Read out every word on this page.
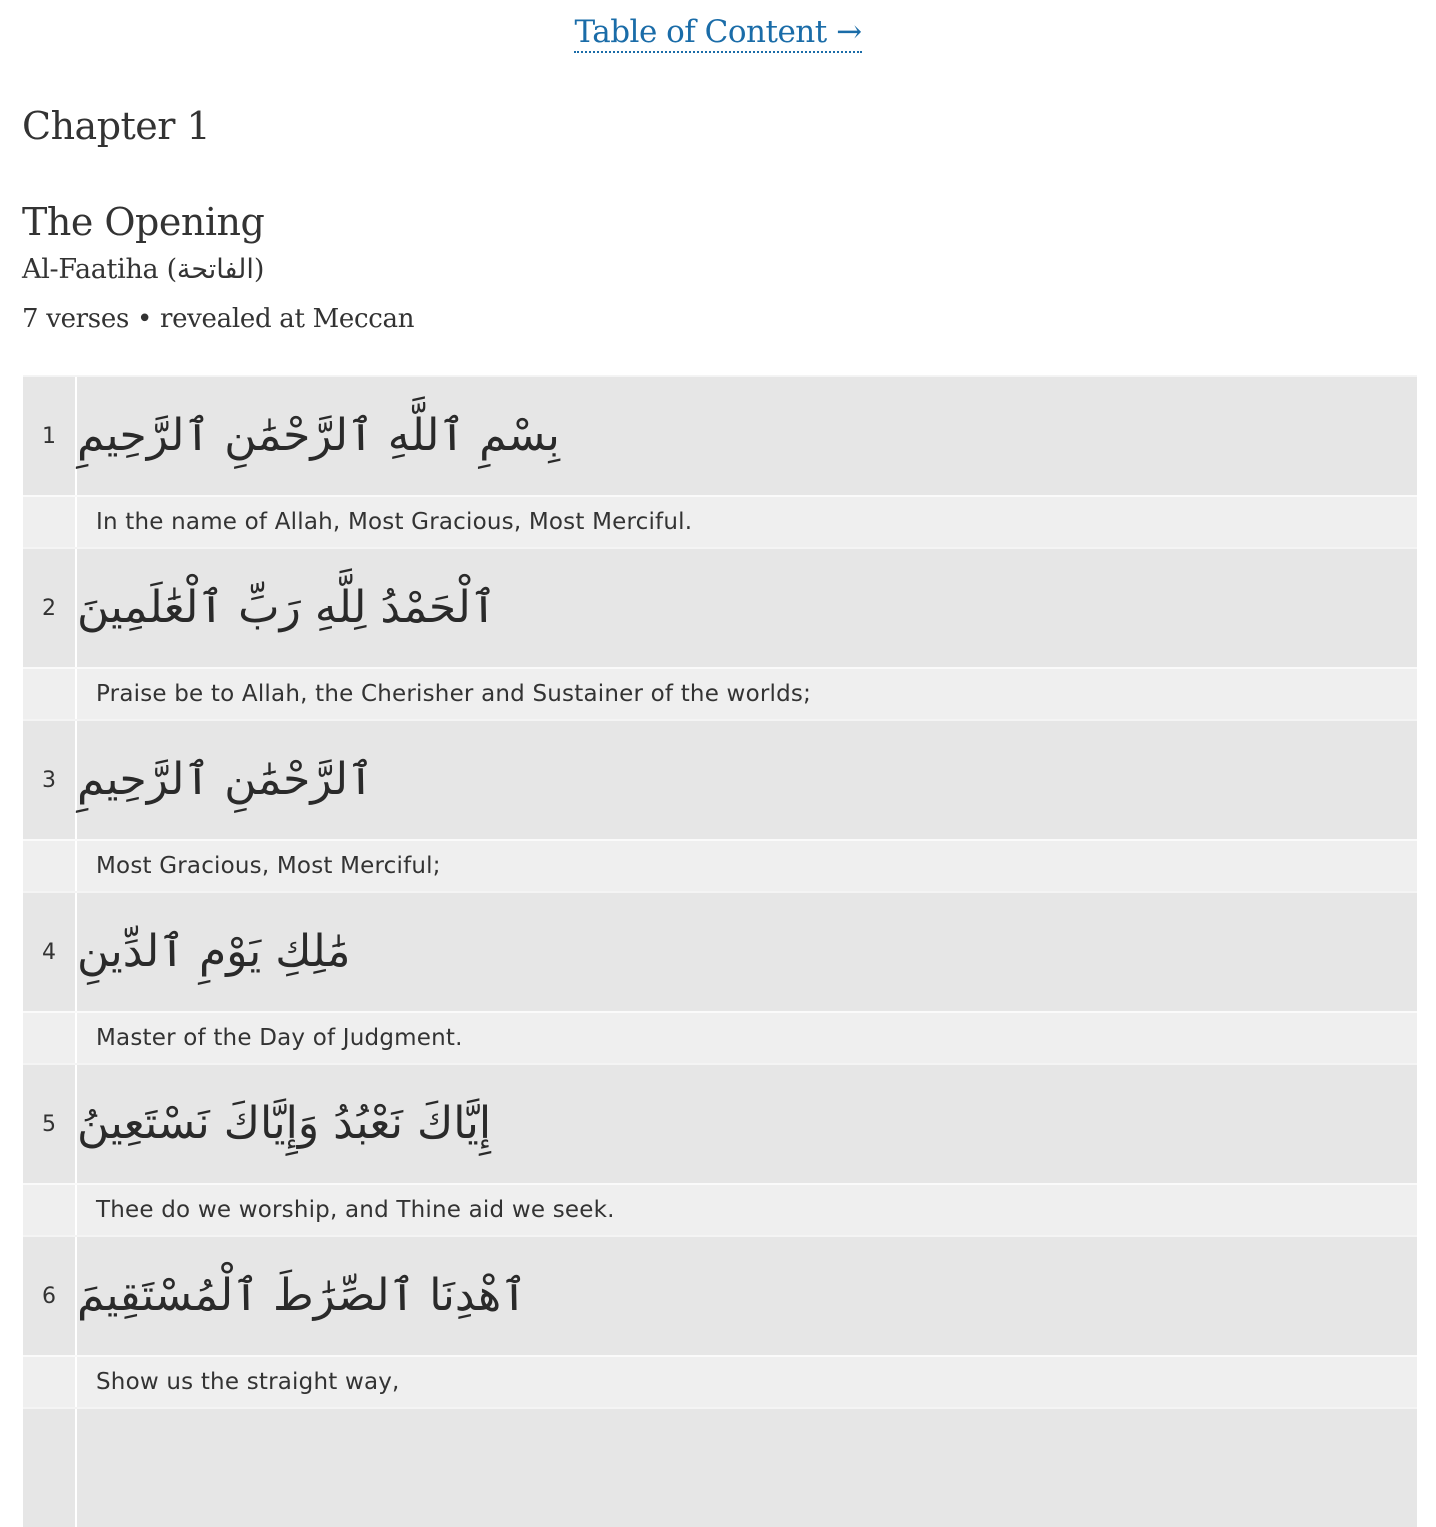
Table of Content →
Chapter 1
The Opening
Al-Faatiha (الفاتحة)
7 verses • revealed at Meccan
1 بِسْمِ ٱللَّهِ ٱلرَّحْمَٰنِ ٱلرَّحِيمِ
In the name of Allah, Most Gracious, Most Merciful.
2 ٱلْحَمْدُ لِلَّهِ رَبِّ ٱلْعَٰلَمِينَ
Praise be to Allah, the Cherisher and Sustainer of the worlds;
3 ٱلرَّحْمَٰنِ ٱلرَّحِيمِ
Most Gracious, Most Merciful;
4 مَٰلِكِ يَوْمِ ٱلدِّينِ
Master of the Day of Judgment.
5 إِيَّاكَ نَعْبُدُ وَإِيَّاكَ نَسْتَعِينُ
Thee do we worship, and Thine aid we seek.
6 ٱهْدِنَا ٱلصِّرَٰطَ ٱلْمُسْتَقِيمَ
Show us the straight way,
